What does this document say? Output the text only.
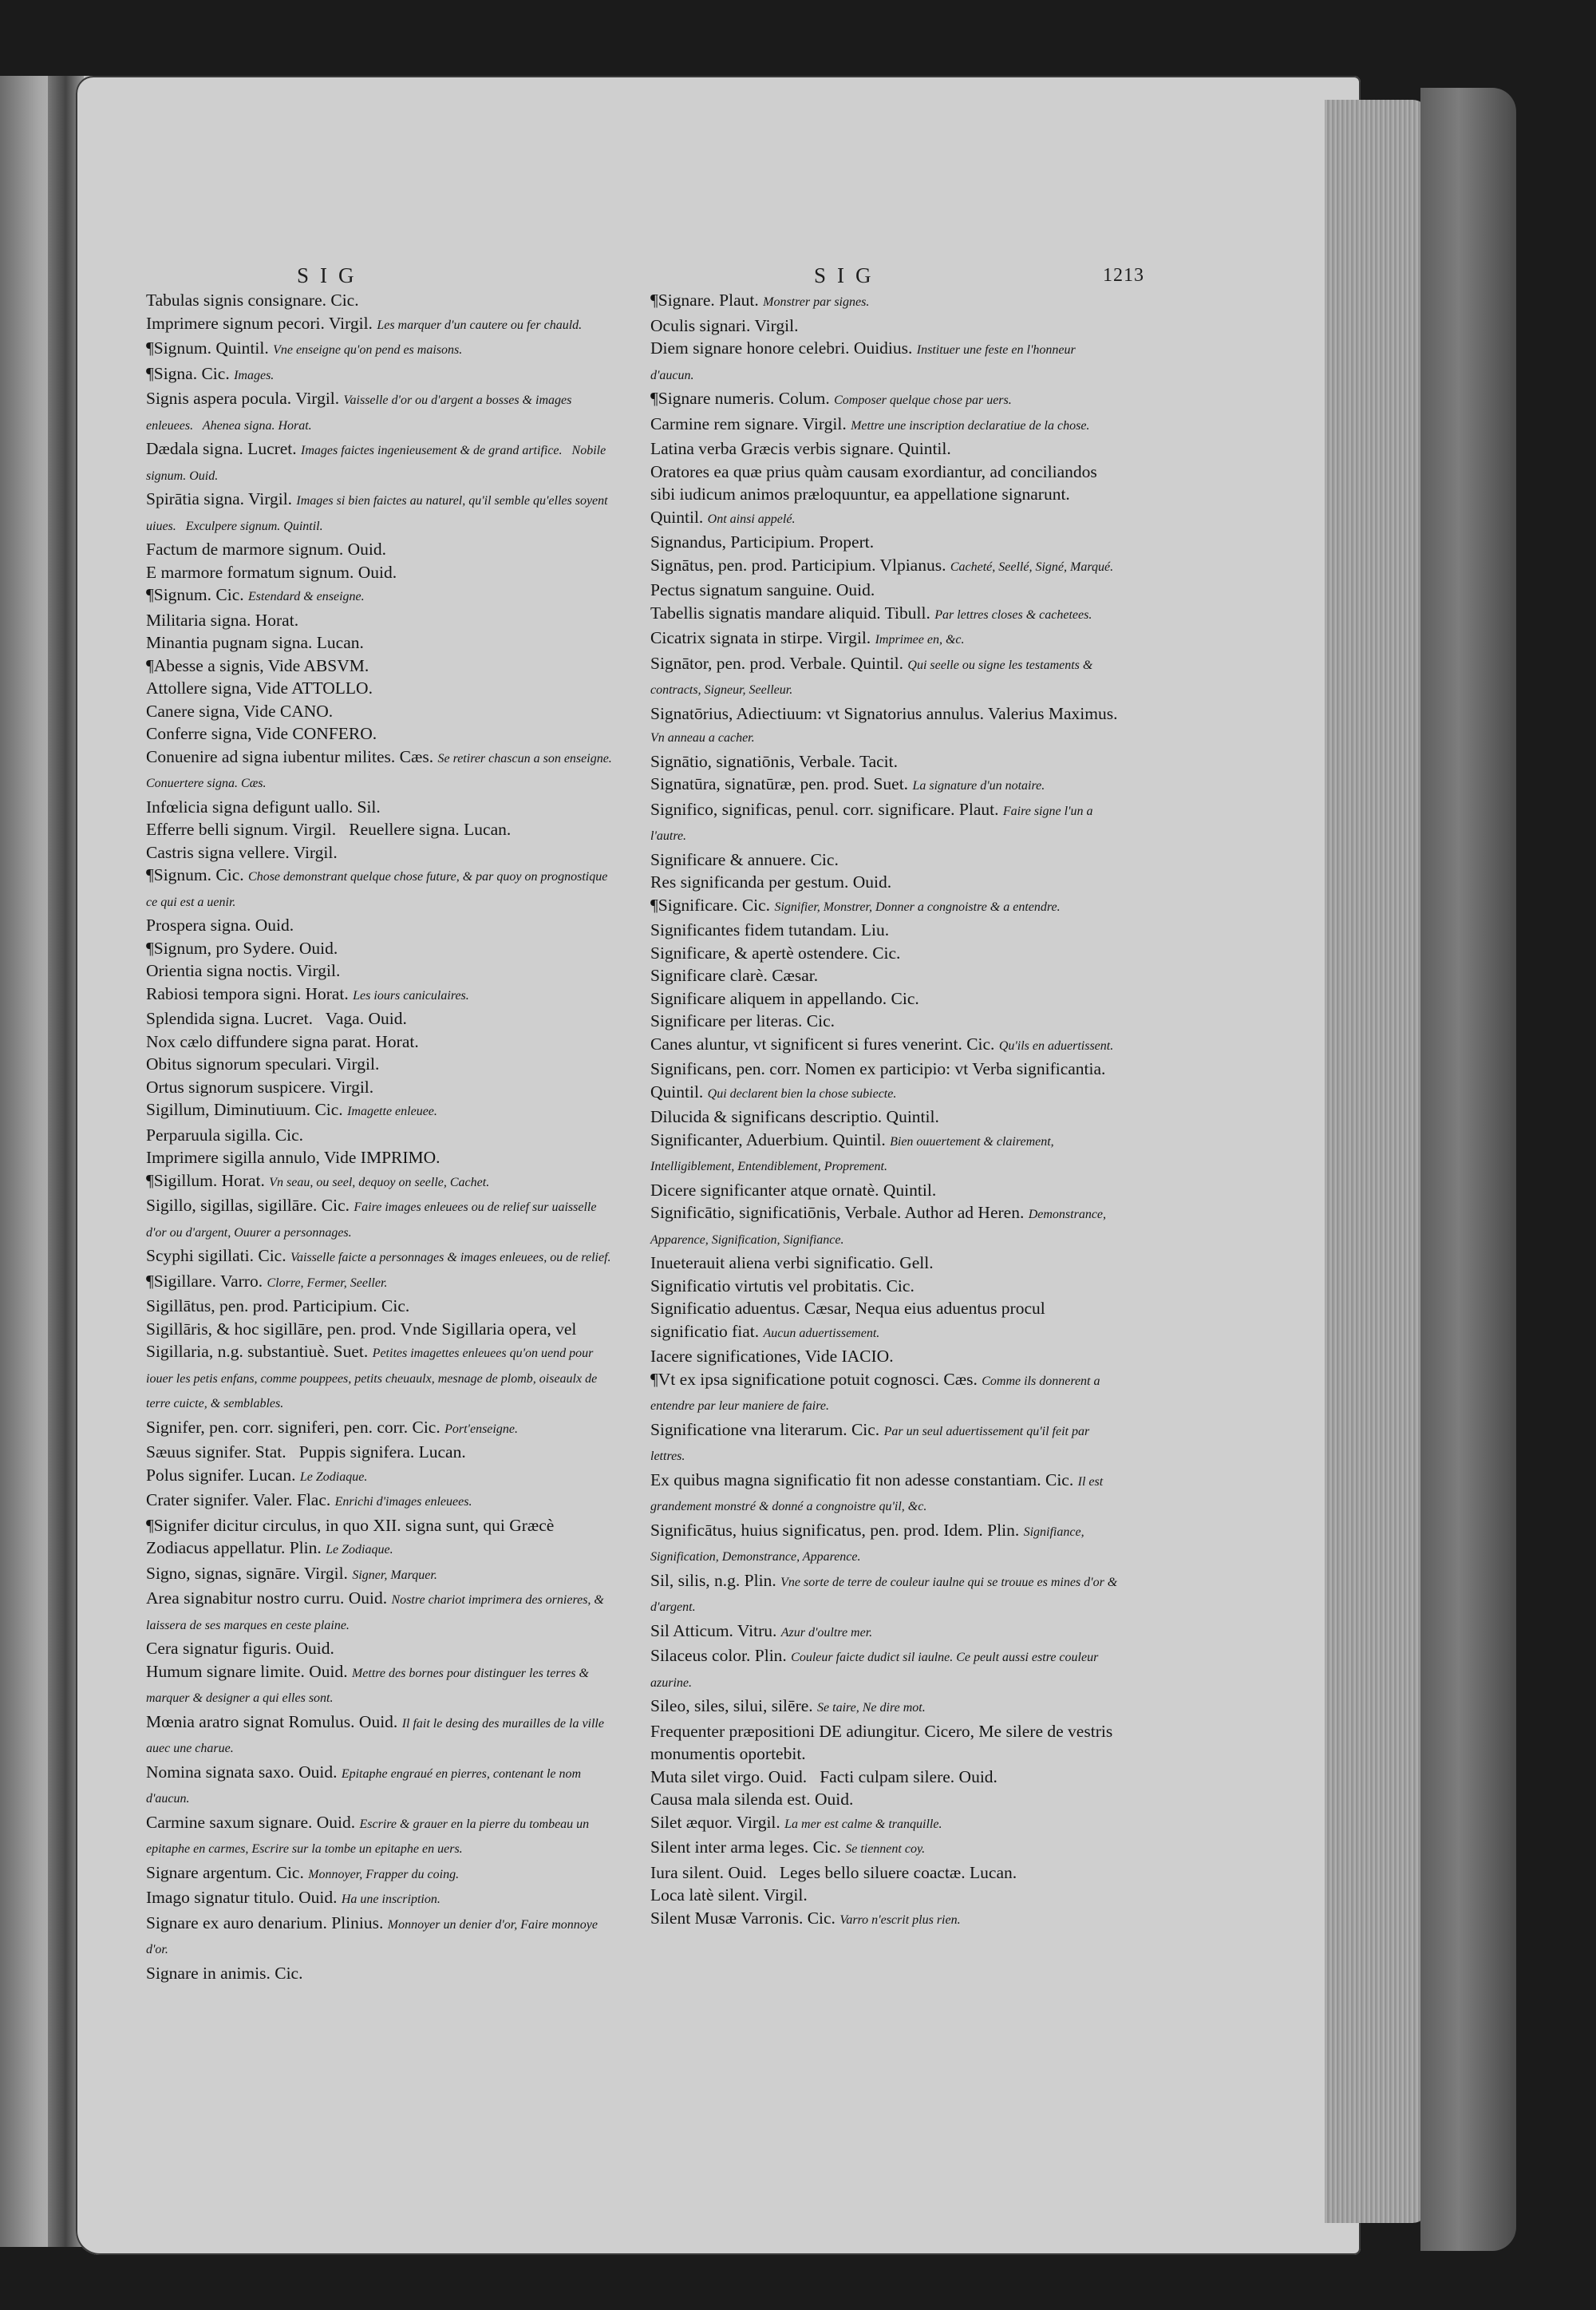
SIG	SIG	1213
Tabulas signis consignare. Cic.
Imprimere signum pecori. Virgil. Les marquer d'un cautere ou fer chauld.
¶Signum. Quintil. Vne enseigne qu'on pend es maisons.
¶Signa. Cic. Images.
Signis aspera pocula. Virgil. Vaisselle d'or ou d'argent a bosses & images enleuees.   Ahenea signa. Horat.
Dædala signa. Lucret. Images faictes ingenieusement & de grand artifice.   Nobile signum. Ouid.
Spirātia signa. Virgil. Images si bien faictes au naturel, qu'il semble qu'elles soyent uiues.   Exculpere signum. Quintil.
Factum de marmore signum. Ouid.
E marmore formatum signum. Ouid.
¶Signum. Cic. Estendard & enseigne.
Militaria signa. Horat.
Minantia pugnam signa. Lucan.
¶Abesse a signis, Vide ABSVM.
Attollere signa, Vide ATTOLLO.
Canere signa, Vide CANO.
Conferre signa, Vide CONFERO.
Conuenire ad signa iubentur milites. Cæs. Se retirer chascun a son enseigne.   Conuertere signa. Cæs.
Infœlicia signa defigunt uallo. Sil.
Efferre belli signum. Virgil.   Reuellere signa. Lucan.
Castris signa vellere. Virgil.
¶Signum. Cic. Chose demonstrant quelque chose future, & par quoy on prognostique ce qui est a uenir.
Prospera signa. Ouid.
¶Signum, pro Sydere. Ouid.
Orientia signa noctis. Virgil.
Rabiosi tempora signi. Horat. Les iours caniculaires.
Splendida signa. Lucret.   Vaga. Ouid.
Nox cælo diffundere signa parat. Horat.
Obitus signorum speculari. Virgil.
Ortus signorum suspicere. Virgil.
Sigillum, Diminutiuum. Cic. Imagette enleuee.
Perparuula sigilla. Cic.
Imprimere sigilla annulo, Vide IMPRIMO.
¶Sigillum. Horat. Vn seau, ou seel, dequoy on seelle, Cachet.
Sigillo, sigillas, sigillāre. Cic. Faire images enleuees ou de relief sur uaisselle d'or ou d'argent, Ouurer a personnages.
Scyphi sigillati. Cic. Vaisselle faicte a personnages & images enleuees, ou de relief.
¶Sigillare. Varro. Clorre, Fermer, Seeller.
Sigillātus, pen. prod. Participium. Cic.
Sigillāris, & hoc sigillāre, pen. prod. Vnde Sigillaria opera, vel Sigillaria, n.g. substantiuè. Suet. Petites imagettes enleuees qu'on uend pour iouer les petis enfans, comme pouppees, petits cheuaulx, mesnage de plomb, oiseaulx de terre cuicte, & semblables.
Signifer, pen. corr. signiferi, pen. corr. Cic. Port'enseigne.
Sæuus signifer. Stat.   Puppis signifera. Lucan.
Polus signifer. Lucan. Le Zodiaque.
Crater signifer. Valer. Flac. Enrichi d'images enleuees.
¶Signifer dicitur circulus, in quo XII. signa sunt, qui Græcè Zodiacus appellatur. Plin. Le Zodiaque.
Signo, signas, signāre. Virgil. Signer, Marquer.
Area signabitur nostro curru. Ouid. Nostre chariot imprimera des ornieres, & laissera de ses marques en ceste plaine.
Cera signatur figuris. Ouid.
Humum signare limite. Ouid. Mettre des bornes pour distinguer les terres & marquer & designer a qui elles sont.
Mœnia aratro signat Romulus. Ouid. Il fait le desing des murailles de la ville auec une charue.
Nomina signata saxo. Ouid. Epitaphe engraué en pierres, contenant le nom d'aucun.
Carmine saxum signare. Ouid. Escrire & grauer en la pierre du tombeau un epitaphe en carmes, Escrire sur la tombe un epitaphe en uers.
Signare argentum. Cic. Monnoyer, Frapper du coing.
Imago signatur titulo. Ouid. Ha une inscription.
Signare ex auro denarium. Plinius. Monnoyer un denier d'or, Faire monnoye d'or.
Signare in animis. Cic.
¶Signare. Plaut. Monstrer par signes.
Oculis signari. Virgil.
Diem signare honore celebri. Ouidius. Instituer une feste en l'honneur d'aucun.
¶Signare numeris. Colum. Composer quelque chose par uers.
Carmine rem signare. Virgil. Mettre une inscription declaratiue de la chose.
Latina verba Græcis verbis signare. Quintil.
Oratores ea quæ prius quàm causam exordiantur, ad conciliandos sibi iudicum animos præloquuntur, ea appellatione signarunt. Quintil. Ont ainsi appelé.
Signandus, Participium. Propert.
Signātus, pen. prod. Participium. Vlpianus. Cacheté, Seellé, Signé, Marqué.
Pectus signatum sanguine. Ouid.
Tabellis signatis mandare aliquid. Tibull. Par lettres closes & cachetees.
Cicatrix signata in stirpe. Virgil. Imprimee en, &c.
Signātor, pen. prod. Verbale. Quintil. Qui seelle ou signe les testaments & contracts, Signeur, Seelleur.
Signatōrius, Adiectiuum: vt Signatorius annulus. Valerius Maximus. Vn anneau a cacher.
Signātio, signatiōnis, Verbale. Tacit.
Signatūra, signatūræ, pen. prod. Suet. La signature d'un notaire.
Significo, significas, penul. corr. significare. Plaut. Faire signe l'un a l'autre.
Significare & annuere. Cic.
Res significanda per gestum. Ouid.
¶Significare. Cic. Signifier, Monstrer, Donner a congnoistre & a entendre.
Significantes fidem tutandam. Liu.
Significare, & apertè ostendere. Cic.
Significare clarè. Cæsar.
Significare aliquem in appellando. Cic.
Significare per literas. Cic.
Canes aluntur, vt significent si fures venerint. Cic. Qu'ils en aduertissent.
Significans, pen. corr. Nomen ex participio: vt Verba significantia. Quintil. Qui declarent bien la chose subiecte.
Dilucida & significans descriptio. Quintil.
Significanter, Aduerbium. Quintil. Bien ouuertement & clairement, Intelligiblement, Entendiblement, Proprement.
Dicere significanter atque ornatè. Quintil.
Significātio, significatiōnis, Verbale. Author ad Heren. Demonstrance, Apparence, Signification, Signifiance.
Inueterauit aliena verbi significatio. Gell.
Significatio virtutis vel probitatis. Cic.
Significatio aduentus. Cæsar, Nequa eius aduentus procul significatio fiat. Aucun aduertissement.
Iacere significationes, Vide IACIO.
¶Vt ex ipsa significatione potuit cognosci. Cæs. Comme ils donnerent a entendre par leur maniere de faire.
Significatione vna literarum. Cic. Par un seul aduertissement qu'il feit par lettres.
Ex quibus magna significatio fit non adesse constantiam. Cic. Il est grandement monstré & donné a congnoistre qu'il, &c.
Significātus, huius significatus, pen. prod. Idem. Plin. Signifiance, Signification, Demonstrance, Apparence.
Sil, silis, n.g. Plin. Vne sorte de terre de couleur iaulne qui se trouue es mines d'or & d'argent.
Sil Atticum. Vitru. Azur d'oultre mer.
Silaceus color. Plin. Couleur faicte dudict sil iaulne. Ce peult aussi estre couleur azurine.
Sileo, siles, silui, silēre. Se taire, Ne dire mot.
Frequenter præpositioni DE adiungitur. Cicero, Me silere de vestris monumentis oportebit.
Muta silet virgo. Ouid.   Facti culpam silere. Ouid.
Causa mala silenda est. Ouid.
Silet æquor. Virgil. La mer est calme & tranquille.
Silent inter arma leges. Cic. Se tiennent coy.
Iura silent. Ouid.   Leges bello siluere coactæ. Lucan.
Loca latè silent. Virgil.
Silent Musæ Varronis. Cic. Varro n'escrit plus rien.
